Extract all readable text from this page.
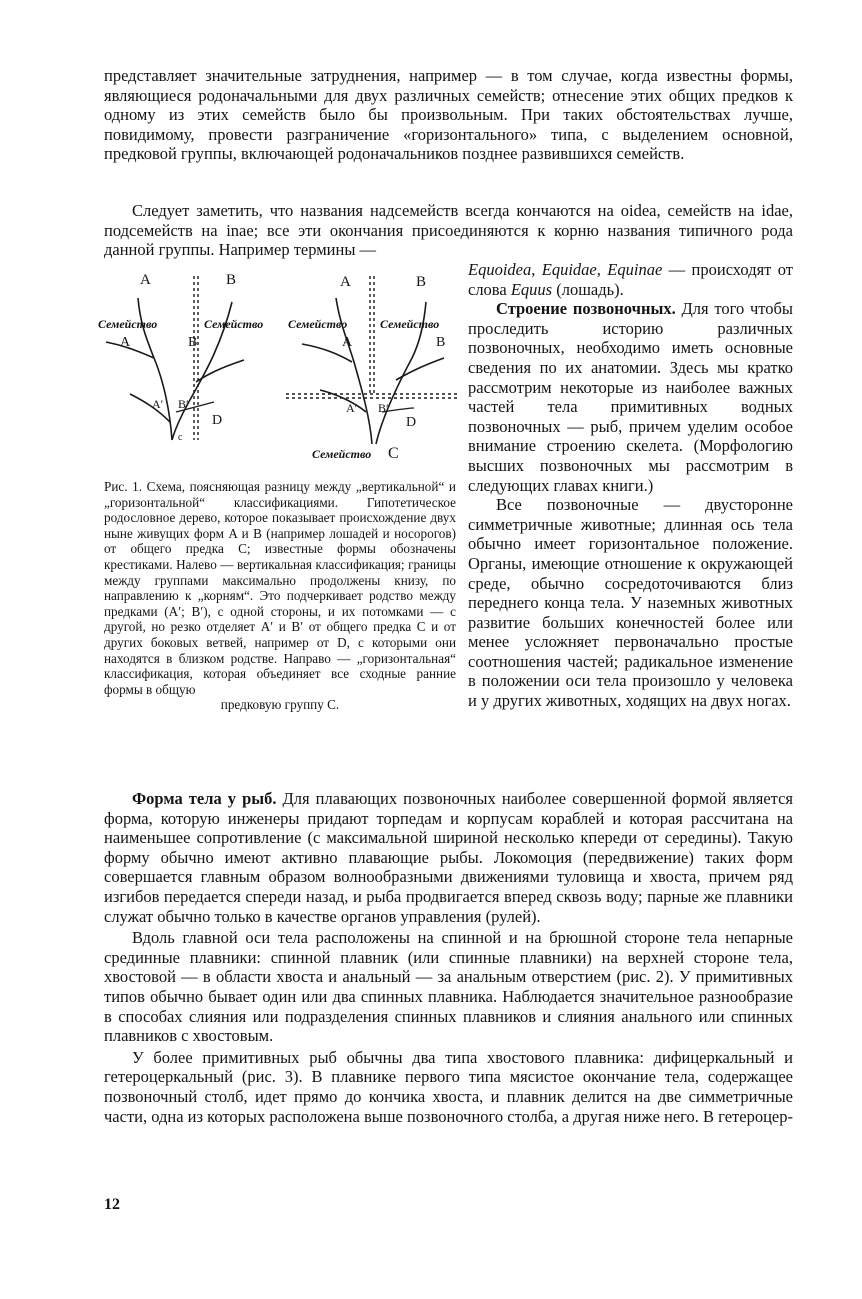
представляет значительные затруднения, например — в том случае, когда известны формы, являющиеся родоначальными для двух различных семейств; отнесение этих общих предков к одному из этих семейств было бы произвольным. При таких обстоятельствах лучше, повидимому, провести разграничение «горизонтального» типа, с выделением основной, предковой группы, включающей родоначальников позднее развившихся семейств.

Следует заметить, что названия надсемейств всегда кончаются на oidea, семейств на idae, подсемейств на inae; все эти окончания присоединяются к корню названия типичного рода данной группы. Например термины —

A	B
Семейство	Семейство
A	B
A′ B′
D
c
A	B
Семейство	Семейство
A	B
A′ B′
D
Семейство C

Рис. 1. Схема, поясняющая разницу между „вертикальной“ и „горизонтальной“ классификациями. Гипотетическое родословное дерево, которое показывает происхождение двух ныне живущих форм A и B (например лошадей и носорогов) от общего предка C; известные формы обозначены крестиками. Налево — вертикальная классификация; границы между группами максимально продолжены книзу, по направлению к „корням“. Это подчеркивает родство между предками (A′; B′), с одной стороны, и их потомками — с другой, но резко отделяет A′ и B′ от общего предка C и от других боковых ветвей, например от D, с которыми они находятся в близком родстве. Направо — „горизонтальная“ классификация, которая объединяет все сходные ранние формы в общую

предковую группу C.

Equoidea, Equidae, Equinae — происходят от слова Equus (лошадь).

Строение позвоночных. Для того чтобы проследить историю различных позвоночных, необходимо иметь основные сведения по их анатомии. Здесь мы кратко рассмотрим некоторые из наиболее важных частей тела примитивных водных позвоночных — рыб, причем уделим особое внимание строению скелета. (Морфологию высших позвоночных мы рассмотрим в следующих главах книги.)

Все позвоночные — двусторонне симметричные животные; длинная ось тела обычно имеет горизонтальное положение. Органы, имеющие отношение к окружающей среде, обычно сосредоточиваются близ переднего конца тела. У наземных животных развитие больших конечностей более или менее усложняет первоначально простые соотношения частей; радикальное изменение в положении оси тела произошло у человека и у других животных, ходящих на двух ногах.

Форма тела у рыб. Для плавающих позвоночных наиболее совершенной формой является форма, которую инженеры придают торпедам и корпусам кораблей и которая рассчитана на наименьшее сопротивление (с максимальной шириной несколько кпереди от середины). Такую форму обычно имеют активно плавающие рыбы. Локомоция (передвижение) таких форм совершается главным образом волнообразными движениями туловища и хвоста, причем ряд изгибов передается спереди назад, и рыба продвигается вперед сквозь воду; парные же плавники служат обычно только в качестве органов управления (рулей).

Вдоль главной оси тела расположены на спинной и на брюшной стороне тела непарные срединные плавники: спинной плавник (или спинные плавники) на верхней стороне тела, хвостовой — в области хвоста и анальный — за анальным отверстием (рис. 2). У примитивных типов обычно бывает один или два спинных плавника. Наблюдается значительное разнообразие в способах слияния или подразделения спинных плавников и слияния анального или спинных плавников с хвостовым.

У более примитивных рыб обычны два типа хвостового плавника: дифицеркальный и гетероцеркальный (рис. 3). В плавнике первого типа мясистое окончание тела, содержащее позвоночный столб, идет прямо до кончика хвоста, и плавник делится на две симметричные части, одна из которых расположена выше позвоночного столба, а другая ниже него. В гетероцер-

12
